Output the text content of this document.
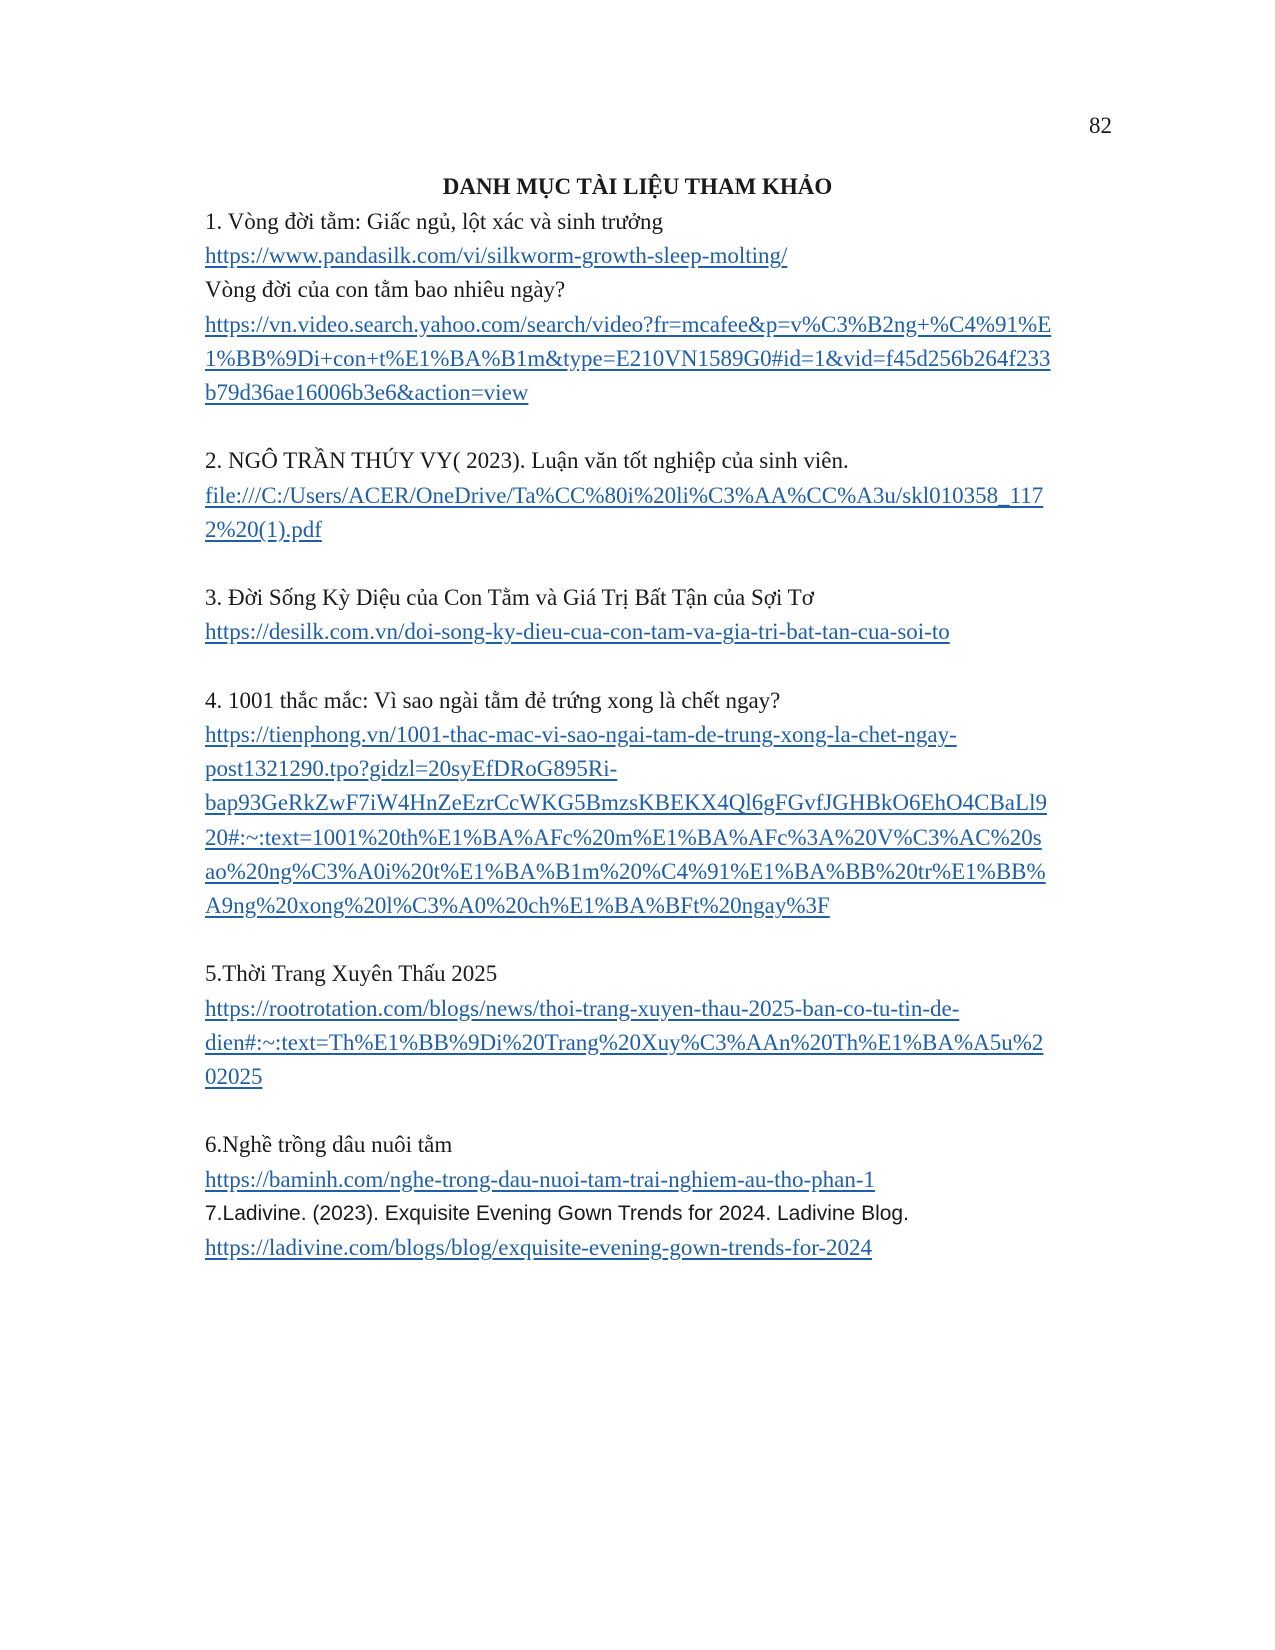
82
DANH MỤC TÀI LIỆU THAM KHẢO
1. Vòng đời tằm: Giấc ngủ, lột xác và sinh trưởng
https://www.pandasilk.com/vi/silkworm-growth-sleep-molting/
Vòng đời của con tằm bao nhiêu ngày?
https://vn.video.search.yahoo.com/search/video?fr=mcafee&p=v%C3%B2ng+%C4%91%E
1%BB%9Di+con+t%E1%BA%B1m&type=E210VN1589G0#id=1&vid=f45d256b264f233
b79d36ae16006b3e6&action=view
2. NGÔ TRẦN THÚY VY( 2023). Luận văn tốt nghiệp của sinh viên.
file:///C:/Users/ACER/OneDrive/Ta%CC%80i%20li%C3%AA%CC%A3u/skl010358_117
2%20(1).pdf
3. Đời Sống Kỳ Diệu của Con Tằm và Giá Trị Bất Tận của Sợi Tơ
https://desilk.com.vn/doi-song-ky-dieu-cua-con-tam-va-gia-tri-bat-tan-cua-soi-to
4. 1001 thắc mắc: Vì sao ngài tằm đẻ trứng xong là chết ngay?
https://tienphong.vn/1001-thac-mac-vi-sao-ngai-tam-de-trung-xong-la-chet-ngay-
post1321290.tpo?gidzl=20syEfDRoG895Ri-
bap93GeRkZwF7iW4HnZeEzrCcWKG5BmzsKBEKX4Ql6gFGvfJGHBkO6EhO4CBaLl9
20#:~:text=1001%20th%E1%BA%AFc%20m%E1%BA%AFc%3A%20V%C3%AC%20s
ao%20ng%C3%A0i%20t%E1%BA%B1m%20%C4%91%E1%BA%BB%20tr%E1%BB%
A9ng%20xong%20l%C3%A0%20ch%E1%BA%BFt%20ngay%3F
5.Thời Trang Xuyên Thấu 2025
https://rootrotation.com/blogs/news/thoi-trang-xuyen-thau-2025-ban-co-tu-tin-de-
dien#:~:text=Th%E1%BB%9Di%20Trang%20Xuy%C3%AAn%20Th%E1%BA%A5u%2
02025
6.Nghề trồng dâu nuôi tằm
https://baminh.com/nghe-trong-dau-nuoi-tam-trai-nghiem-au-tho-phan-1
7.Ladivine. (2023). Exquisite Evening Gown Trends for 2024. Ladivine Blog.
https://ladivine.com/blogs/blog/exquisite-evening-gown-trends-for-2024
